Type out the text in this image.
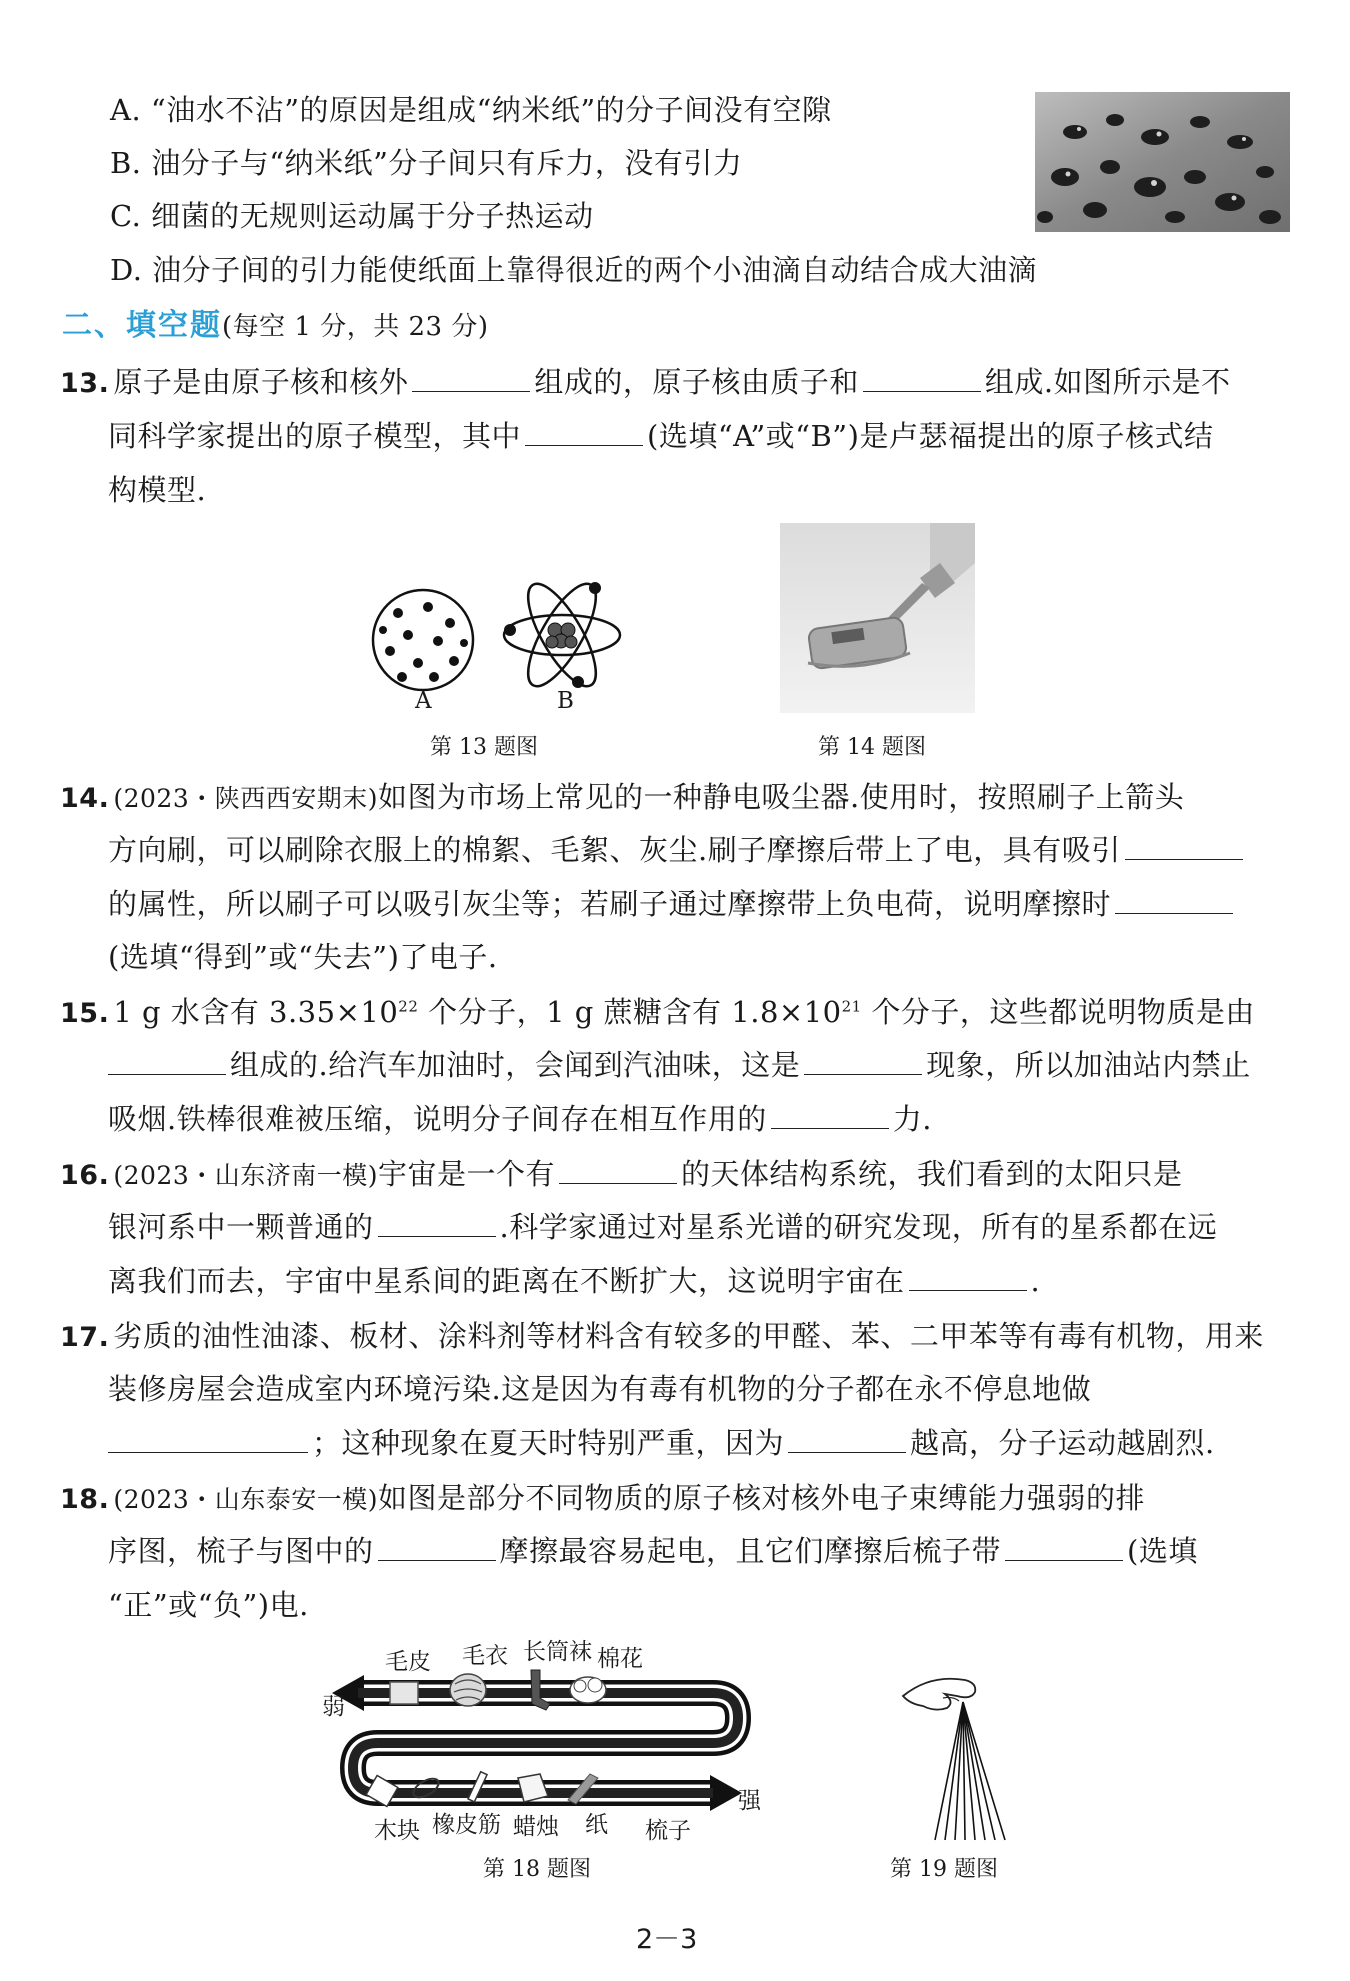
A. “油水不沾”的原因是组成“纳米纸”的分子间没有空隙
B. 油分子与“纳米纸”分子间只有斥力，没有引力
C. 细菌的无规则运动属于分子热运动
D. 油分子间的引力能使纸面上靠得很近的两个小油滴自动结合成大油滴
二、填空题(每空 1 分，共 23 分)
13. 原子是由原子核和核外	组成的，原子核由质子和	组成.如图所示是不
同科学家提出的原子模型，其中	(选填“A”或“B”)是卢瑟福提出的原子核式结
构模型.
A	B
第 13 题图	第 14 题图
14. (2023・陕西西安期末)如图为市场上常见的一种静电吸尘器.使用时，按照刷子上箭头
方向刷，可以刷除衣服上的棉絮、毛絮、灰尘.刷子摩擦后带上了电，具有吸引
的属性，所以刷子可以吸引灰尘等；若刷子通过摩擦带上负电荷，说明摩擦时
(选填“得到”或“失去”)了电子.
15. 1 g 水含有 $3.35\times 10^{22}$ 个分子，1 g 蔗糖含有 $1.8\times 10^{21}$ 个分子，这些都说明物质是由
组成的.给汽车加油时，会闻到汽油味，这是	现象，所以加油站内禁止
吸烟.铁棒很难被压缩，说明分子间存在相互作用的	力.
16. (2023・山东济南一模)宇宙是一个有	的天体结构系统，我们看到的太阳只是
银河系中一颗普通的	.科学家通过对星系光谱的研究发现，所有的星系都在远
离我们而去，宇宙中星系间的距离在不断扩大，这说明宇宙在	.
17. 劣质的油性油漆、板材、涂料剂等材料含有较多的甲醛、苯、二甲苯等有毒有机物，用来
装修房屋会造成室内环境污染.这是因为有毒有机物的分子都在永不停息地做
；这种现象在夏天时特别严重，因为	越高，分子运动越剧烈.
18. (2023・山东泰安一模)如图是部分不同物质的原子核对核外电子束缚能力强弱的排
序图，梳子与图中的	摩擦最容易起电，且它们摩擦后梳子带	(选填
“正”或“负”)电.
弱
强
毛皮 毛衣 长筒袜 棉花
木块 橡皮筋 蜡烛 纸 梳子
第 18 题图	第 19 题图
2－3
